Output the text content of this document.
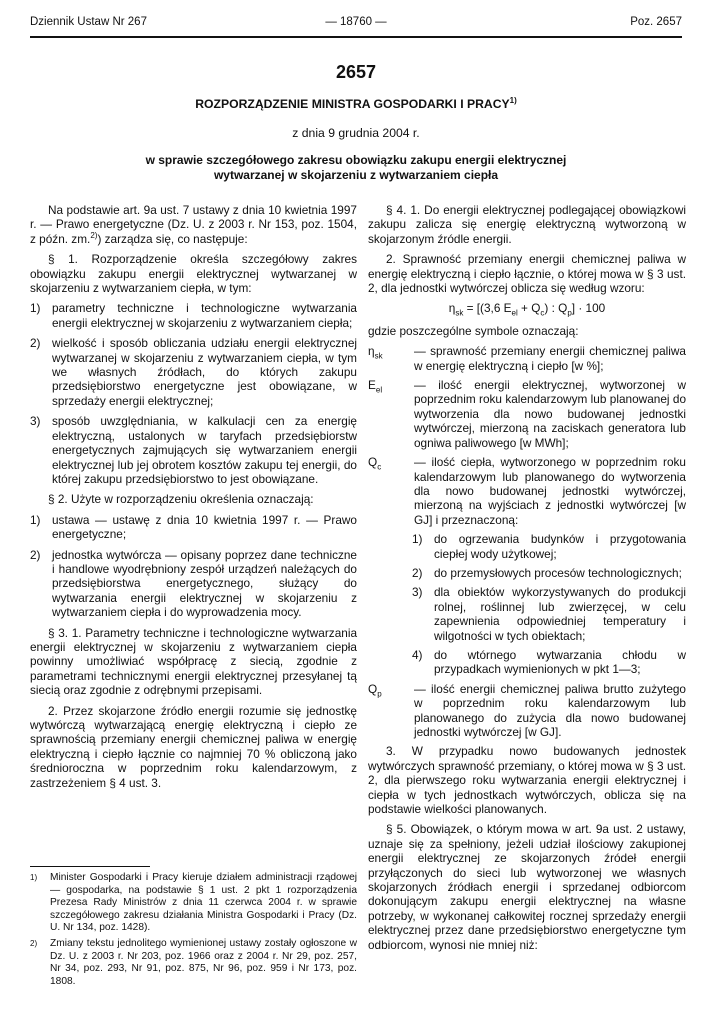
Dziennik Ustaw Nr 267	— 18760 —	Poz. 2657
2657
ROZPORZĄDZENIE MINISTRA GOSPODARKI I PRACY$^{1)}$
z dnia 9 grudnia 2004 r.
w sprawie szczegółowego zakresu obowiązku zakupu energii elektrycznej
wytwarzanej w skojarzeniu z wytwarzaniem ciepła

Na podstawie art. 9a ust. 7 ustawy z dnia 10 kwietnia 1997 r. — Prawo energetyczne (Dz. U. z 2003 r. Nr 153, poz. 1504, z późn. zm.$^{2)}$) zarządza się, co następuje:

§ 1. Rozporządzenie określa szczegółowy zakres obowiązku zakupu energii elektrycznej wytwarzanej w skojarzeniu z wytwarzaniem ciepła, w tym:

1) parametry techniczne i technologiczne wytwarzania energii elektrycznej w skojarzeniu z wytwarzaniem ciepła;
2) wielkość i sposób obliczania udziału energii elektrycznej wytwarzanej w skojarzeniu z wytwarzaniem ciepła, w tym we własnych źródłach, do których zakupu przedsiębiorstwo energetyczne jest obowiązane, w sprzedaży energii elektrycznej;
3) sposób uwzględniania, w kalkulacji cen za energię elektryczną, ustalonych w taryfach przedsiębiorstw energetycznych zajmujących się wytwarzaniem energii elektrycznej lub jej obrotem kosztów zakupu tej energii, do której zakupu przedsiębiorstwo to jest obowiązane.

§ 2. Użyte w rozporządzeniu określenia oznaczają:

1) ustawa — ustawę z dnia 10 kwietnia 1997 r. — Prawo energetyczne;
2) jednostka wytwórcza — opisany poprzez dane techniczne i handlowe wyodrębniony zespół urządzeń należących do przedsiębiorstwa energetycznego, służący do wytwarzania energii elektrycznej w skojarzeniu z wytwarzaniem ciepła i do wyprowadzenia mocy.

§ 3. 1. Parametry techniczne i technologiczne wytwarzania energii elektrycznej w skojarzeniu z wytwarzaniem ciepła powinny umożliwiać współpracę z siecią, zgodnie z parametrami technicznymi energii elektrycznej przesyłanej tą siecią oraz zgodnie z odrębnymi przepisami.

2. Przez skojarzone źródło energii rozumie się jednostkę wytwórczą wytwarzającą energię elektryczną i ciepło ze sprawnością przemiany energii chemicznej paliwa w energię elektryczną i ciepło łącznie co najmniej 70 % obliczoną jako średnioroczna w poprzednim roku kalendarzowym, z zastrzeżeniem § 4 ust. 3.

1) Minister Gospodarki i Pracy kieruje działem administracji rządowej — gospodarka, na podstawie § 1 ust. 2 pkt 1 rozporządzenia Prezesa Rady Ministrów z dnia 11 czerwca 2004 r. w sprawie szczegółowego zakresu działania Ministra Gospodarki i Pracy (Dz. U. Nr 134, poz. 1428).
2) Zmiany tekstu jednolitego wymienionej ustawy zostały ogłoszone w Dz. U. z 2003 r. Nr 203, poz. 1966 oraz z 2004 r. Nr 29, poz. 257, Nr 34, poz. 293, Nr 91, poz. 875, Nr 96, poz. 959 i Nr 173, poz. 1808.

§ 4. 1. Do energii elektrycznej podlegającej obowiązkowi zakupu zalicza się energię elektryczną wytworzoną w skojarzonym źródle energii.

2. Sprawność przemiany energii chemicznej paliwa w energię elektryczną i ciepło łącznie, o której mowa w § 3 ust. 2, dla jednostki wytwórczej oblicza się według wzoru:

$\eta_{sk} = [(3,6$ $E_{el} + Q_c$) : $Q_p] \cdot 100$

gdzie poszczególne symbole oznaczają:

$\eta_{sk}$	— sprawność przemiany energii chemicznej paliwa w energię elektryczną i ciepło [w %];
$E_{el}$	— ilość energii elektrycznej, wytworzonej w poprzednim roku kalendarzowym lub planowanej do wytworzenia dla nowo budowanej jednostki wytwórczej, mierzoną na zaciskach generatora lub ogniwa paliwowego [w MWh];
$Q_c$	— ilość ciepła, wytworzonego w poprzednim roku kalendarzowym lub planowanego do wytworzenia dla nowo budowanej jednostki wytwórczej, mierzoną na wyjściach z jednostki wytwórczej [w GJ] i przeznaczoną:
1) do ogrzewania budynków i przygotowania ciepłej wody użytkowej;
2) do przemysłowych procesów technologicznych;
3) dla obiektów wykorzystywanych do produkcji rolnej, roślinnej lub zwierzęcej, w celu zapewnienia odpowiedniej temperatury i wilgotności w tych obiektach;
4) do wtórnego wytwarzania chłodu w przypadkach wymienionych w pkt 1—3;
$Q_p$	— ilość energii chemicznej paliwa brutto zużytego w poprzednim roku kalendarzowym lub planowanego do zużycia dla nowo budowanej jednostki wytwórczej [w GJ].

3. W przypadku nowo budowanych jednostek wytwórczych sprawność przemiany, o której mowa w § 3 ust. 2, dla pierwszego roku wytwarzania energii elektrycznej i ciepła w tych jednostkach wytwórczych, oblicza się na podstawie wielkości planowanych.

§ 5. Obowiązek, o którym mowa w art. 9a ust. 2 ustawy, uznaje się za spełniony, jeżeli udział ilościowy zakupionej energii elektrycznej ze skojarzonych źródeł energii przyłączonych do sieci lub wytworzonej we własnych skojarzonych źródłach energii i sprzedanej odbiorcom dokonującym zakupu energii elektrycznej na własne potrzeby, w wykonanej całkowitej rocznej sprzedaży energii elektrycznej przez dane przedsiębiorstwo energetyczne tym odbiorcom, wynosi nie mniej niż:
